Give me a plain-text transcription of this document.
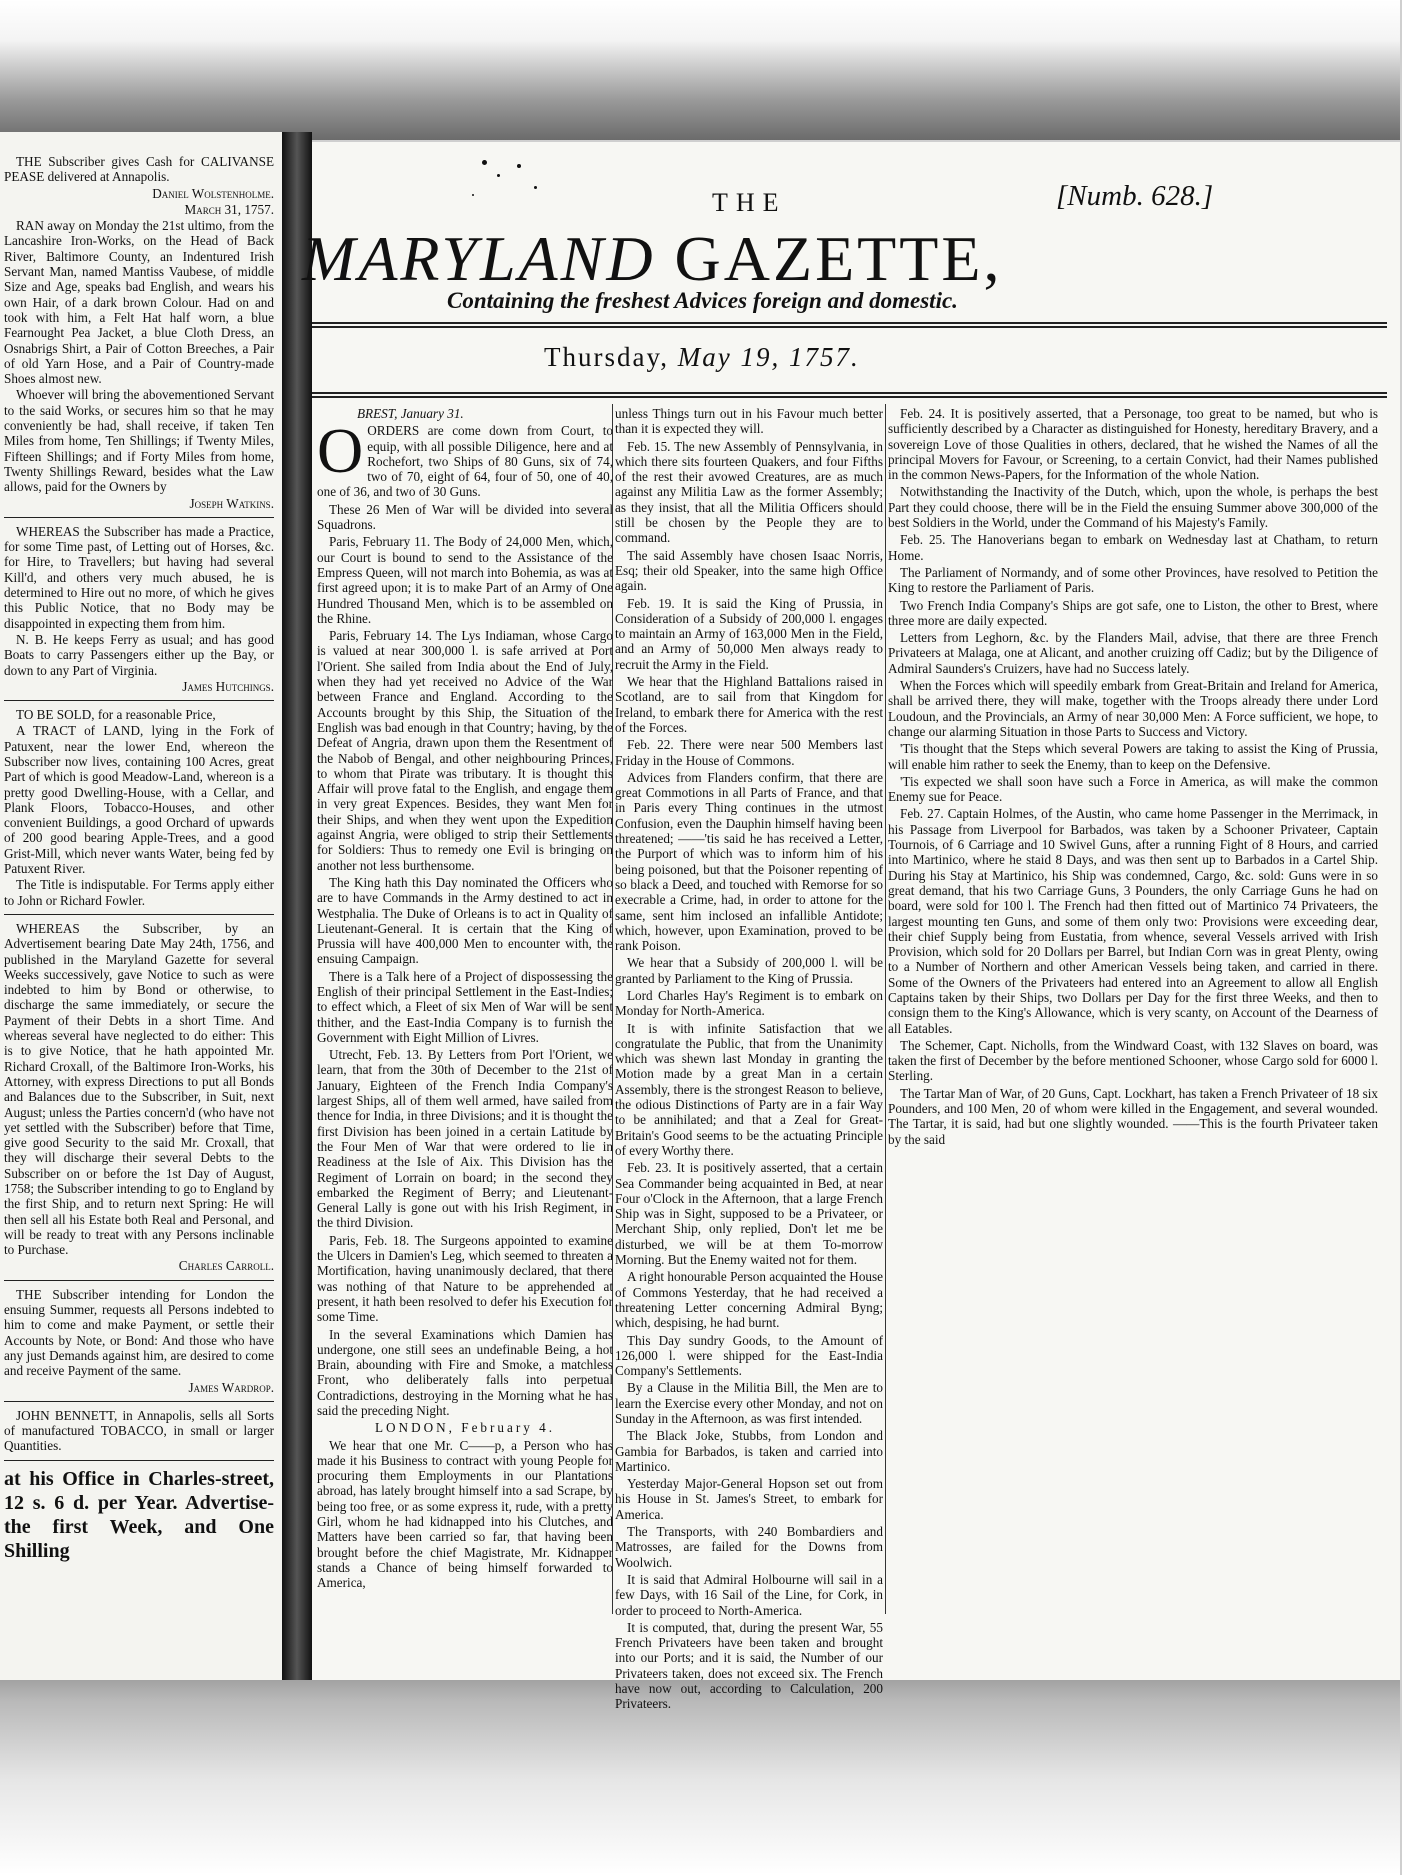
THE Subscriber gives Cash for CALIVANSE PEASE delivered at Annapolis.

Daniel Wolstenholme.

March 31, 1757.

RAN away on Monday the 21st ultimo, from the Lancashire Iron-Works, on the Head of Back River, Baltimore County, an Indentured Irish Servant Man, named Mantiss Vaubese, of middle Size and Age, speaks bad English, and wears his own Hair, of a dark brown Colour. Had on and took with him, a Felt Hat half worn, a blue Fearnought Pea Jacket, a blue Cloth Dress, an Osnabrigs Shirt, a Pair of Cotton Breeches, a Pair of old Yarn Hose, and a Pair of Country-made Shoes almost new.

Whoever will bring the abovementioned Servant to the said Works, or secures him so that he may conveniently be had, shall receive, if taken Ten Miles from home, Ten Shillings; if Twenty Miles, Fifteen Shillings; and if Forty Miles from home, Twenty Shillings Reward, besides what the Law allows, paid for the Owners by

Joseph Watkins.

WHEREAS the Subscriber has made a Practice, for some Time past, of Letting out of Horses, &c. for Hire, to Travellers; but having had several Kill'd, and others very much abused, he is determined to Hire out no more, of which he gives this Public Notice, that no Body may be disappointed in expecting them from him.

N. B. He keeps Ferry as usual; and has good Boats to carry Passengers either up the Bay, or down to any Part of Virginia.

James Hutchings.

TO BE SOLD, for a reasonable Price,

A TRACT of LAND, lying in the Fork of Patuxent, near the lower End, whereon the Subscriber now lives, containing 100 Acres, great Part of which is good Meadow-Land, whereon is a pretty good Dwelling-House, with a Cellar, and Plank Floors, Tobacco-Houses, and other convenient Buildings, a good Orchard of upwards of 200 good bearing Apple-Trees, and a good Grist-Mill, which never wants Water, being fed by Patuxent River.

The Title is indisputable. For Terms apply either to John or Richard Fowler.

WHEREAS the Subscriber, by an Advertisement bearing Date May 24th, 1756, and published in the Maryland Gazette for several Weeks successively, gave Notice to such as were indebted to him by Bond or otherwise, to discharge the same immediately, or secure the Payment of their Debts in a short Time. And whereas several have neglected to do either: This is to give Notice, that he hath appointed Mr. Richard Croxall, of the Baltimore Iron-Works, his Attorney, with express Directions to put all Bonds and Balances due to the Subscriber, in Suit, next August; unless the Parties concern'd (who have not yet settled with the Subscriber) before that Time, give good Security to the said Mr. Croxall, that they will discharge their several Debts to the Subscriber on or before the 1st Day of August, 1758; the Subscriber intending to go to England by the first Ship, and to return next Spring: He will then sell all his Estate both Real and Personal, and will be ready to treat with any Persons inclinable to Purchase.

Charles Carroll.

THE Subscriber intending for London the ensuing Summer, requests all Persons indebted to him to come and make Payment, or settle their Accounts by Note, or Bond: And those who have any just Demands against him, are desired to come and receive Payment of the same.

James Wardrop.

JOHN BENNETT, in Annapolis, sells all Sorts of manufactured TOBACCO, in small or larger Quantities.

at his Office in Charles-street, 12 s. 6 d. per Year. Advertise- the first Week, and One Shilling

THE	[Numb. 628.]
MARYLAND GAZETTE,
Containing the freshest Advices foreign and domestic.
Thursday, May 19, 1757.

BREST, January 31.

OORDERS are come down from Court, to equip, with all possible Diligence, here and at Rochefort, two Ships of 80 Guns, six of 74, two of 70, eight of 64, four of 50, one of 40, one of 36, and two of 30 Guns.

These 26 Men of War will be divided into several Squadrons.

Paris, February 11. The Body of 24,000 Men, which, our Court is bound to send to the Assistance of the Empress Queen, will not march into Bohemia, as was at first agreed upon; it is to make Part of an Army of One Hundred Thousand Men, which is to be assembled on the Rhine.

Paris, February 14. The Lys Indiaman, whose Cargo is valued at near 300,000 l. is safe arrived at Port l'Orient. She sailed from India about the End of July, when they had yet received no Advice of the War between France and England. According to the Accounts brought by this Ship, the Situation of the English was bad enough in that Country; having, by the Defeat of Angria, drawn upon them the Resentment of the Nabob of Bengal, and other neighbouring Princes, to whom that Pirate was tributary. It is thought this Affair will prove fatal to the English, and engage them in very great Expences. Besides, they want Men for their Ships, and when they went upon the Expedition against Angria, were obliged to strip their Settlements for Soldiers: Thus to remedy one Evil is bringing on another not less burthensome.

The King hath this Day nominated the Officers who are to have Commands in the Army destined to act in Westphalia. The Duke of Orleans is to act in Quality of Lieutenant-General. It is certain that the King of Prussia will have 400,000 Men to encounter with, the ensuing Campaign.

There is a Talk here of a Project of dispossessing the English of their principal Settlement in the East-Indies; to effect which, a Fleet of six Men of War will be sent thither, and the East-India Company is to furnish the Government with Eight Million of Livres.

Utrecht, Feb. 13. By Letters from Port l'Orient, we learn, that from the 30th of December to the 21st of January, Eighteen of the French India Company's largest Ships, all of them well armed, have sailed from thence for India, in three Divisions; and it is thought the first Division has been joined in a certain Latitude by the Four Men of War that were ordered to lie in Readiness at the Isle of Aix. This Division has the Regiment of Lorrain on board; in the second they embarked the Regiment of Berry; and Lieutenant-General Lally is gone out with his Irish Regiment, in the third Division.

Paris, Feb. 18. The Surgeons appointed to examine the Ulcers in Damien's Leg, which seemed to threaten a Mortification, having unanimously declared, that there was nothing of that Nature to be apprehended at present, it hath been resolved to defer his Execution for some Time.

In the several Examinations which Damien has undergone, one still sees an undefinable Being, a hot Brain, abounding with Fire and Smoke, a matchless Front, who deliberately falls into perpetual Contradictions, destroying in the Morning what he has said the preceding Night.

LONDON, February 4.

We hear that one Mr. C——p, a Person who has made it his Business to contract with young People for procuring them Employments in our Plantations abroad, has lately brought himself into a sad Scrape, by being too free, or as some express it, rude, with a pretty Girl, whom he had kidnapped into his Clutches, and Matters have been carried so far, that having been brought before the chief Magistrate, Mr. Kidnapper stands a Chance of being himself forwarded to America,

unless Things turn out in his Favour much better than it is expected they will.

Feb. 15. The new Assembly of Pennsylvania, in which there sits fourteen Quakers, and four Fifths of the rest their avowed Creatures, are as much against any Militia Law as the former Assembly; as they insist, that all the Militia Officers should still be chosen by the People they are to command.

The said Assembly have chosen Isaac Norris, Esq; their old Speaker, into the same high Office again.

Feb. 19. It is said the King of Prussia, in Consideration of a Subsidy of 200,000 l. engages to maintain an Army of 163,000 Men in the Field, and an Army of 50,000 Men always ready to recruit the Army in the Field.

We hear that the Highland Battalions raised in Scotland, are to sail from that Kingdom for Ireland, to embark there for America with the rest of the Forces.

Feb. 22. There were near 500 Members last Friday in the House of Commons.

Advices from Flanders confirm, that there are great Commotions in all Parts of France, and that in Paris every Thing continues in the utmost Confusion, even the Dauphin himself having been threatened; ——'tis said he has received a Letter, the Purport of which was to inform him of his being poisoned, but that the Poisoner repenting of so black a Deed, and touched with Remorse for so execrable a Crime, had, in order to attone for the same, sent him inclosed an infallible Antidote; which, however, upon Examination, proved to be rank Poison.

We hear that a Subsidy of 200,000 l. will be granted by Parliament to the King of Prussia.

Lord Charles Hay's Regiment is to embark on Monday for North-America.

It is with infinite Satisfaction that we congratulate the Public, that from the Unanimity which was shewn last Monday in granting the Motion made by a great Man in a certain Assembly, there is the strongest Reason to believe, the odious Distinctions of Party are in a fair Way to be annihilated; and that a Zeal for Great-Britain's Good seems to be the actuating Principle of every Worthy there.

Feb. 23. It is positively asserted, that a certain Sea Commander being acquainted in Bed, at near Four o'Clock in the Afternoon, that a large French Ship was in Sight, supposed to be a Privateer, or Merchant Ship, only replied, Don't let me be disturbed, we will be at them To-morrow Morning. But the Enemy waited not for them.

A right honourable Person acquainted the House of Commons Yesterday, that he had received a threatening Letter concerning Admiral Byng; which, despising, he had burnt.

This Day sundry Goods, to the Amount of 126,000 l. were shipped for the East-India Company's Settlements.

By a Clause in the Militia Bill, the Men are to learn the Exercise every other Monday, and not on Sunday in the Afternoon, as was first intended.

The Black Joke, Stubbs, from London and Gambia for Barbados, is taken and carried into Martinico.

Yesterday Major-General Hopson set out from his House in St. James's Street, to embark for America.

The Transports, with 240 Bombardiers and Matrosses, are failed for the Downs from Woolwich.

It is said that Admiral Holbourne will sail in a few Days, with 16 Sail of the Line, for Cork, in order to proceed to North-America.

It is computed, that, during the present War, 55 French Privateers have been taken and brought into our Ports; and it is said, the Number of our Privateers taken, does not exceed six. The French have now out, according to Calculation, 200 Privateers.

Feb. 24. It is positively asserted, that a Personage, too great to be named, but who is sufficiently described by a Character as distinguished for Honesty, hereditary Bravery, and a sovereign Love of those Qualities in others, declared, that he wished the Names of all the principal Movers for Favour, or Screening, to a certain Convict, had their Names published in the common News-Papers, for the Information of the whole Nation.

Notwithstanding the Inactivity of the Dutch, which, upon the whole, is perhaps the best Part they could choose, there will be in the Field the ensuing Summer above 300,000 of the best Soldiers in the World, under the Command of his Majesty's Family.

Feb. 25. The Hanoverians began to embark on Wednesday last at Chatham, to return Home.

The Parliament of Normandy, and of some other Provinces, have resolved to Petition the King to restore the Parliament of Paris.

Two French India Company's Ships are got safe, one to Liston, the other to Brest, where three more are daily expected.

Letters from Leghorn, &c. by the Flanders Mail, advise, that there are three French Privateers at Malaga, one at Alicant, and another cruizing off Cadiz; but by the Diligence of Admiral Saunders's Cruizers, have had no Success lately.

When the Forces which will speedily embark from Great-Britain and Ireland for America, shall be arrived there, they will make, together with the Troops already there under Lord Loudoun, and the Provincials, an Army of near 30,000 Men: A Force sufficient, we hope, to change our alarming Situation in those Parts to Success and Victory.

'Tis thought that the Steps which several Powers are taking to assist the King of Prussia, will enable him rather to seek the Enemy, than to keep on the Defensive.

'Tis expected we shall soon have such a Force in America, as will make the common Enemy sue for Peace.

Feb. 27. Captain Holmes, of the Austin, who came home Passenger in the Merrimack, in his Passage from Liverpool for Barbados, was taken by a Schooner Privateer, Captain Tournois, of 6 Carriage and 10 Swivel Guns, after a running Fight of 8 Hours, and carried into Martinico, where he staid 8 Days, and was then sent up to Barbados in a Cartel Ship. During his Stay at Martinico, his Ship was condemned, Cargo, &c. sold: Guns were in so great demand, that his two Carriage Guns, 3 Pounders, the only Carriage Guns he had on board, were sold for 100 l. The French had then fitted out of Martinico 74 Privateers, the largest mounting ten Guns, and some of them only two: Provisions were exceeding dear, their chief Supply being from Eustatia, from whence, several Vessels arrived with Irish Provision, which sold for 20 Dollars per Barrel, but Indian Corn was in great Plenty, owing to a Number of Northern and other American Vessels being taken, and carried in there. Some of the Owners of the Privateers had entered into an Agreement to allow all English Captains taken by their Ships, two Dollars per Day for the first three Weeks, and then to consign them to the King's Allowance, which is very scanty, on Account of the Dearness of all Eatables.

The Schemer, Capt. Nicholls, from the Windward Coast, with 132 Slaves on board, was taken the first of December by the before mentioned Schooner, whose Cargo sold for 6000 l. Sterling.

The Tartar Man of War, of 20 Guns, Capt. Lockhart, has taken a French Privateer of 18 six Pounders, and 100 Men, 20 of whom were killed in the Engagement, and several wounded. The Tartar, it is said, had but one slightly wounded. ——This is the fourth Privateer taken by the said
